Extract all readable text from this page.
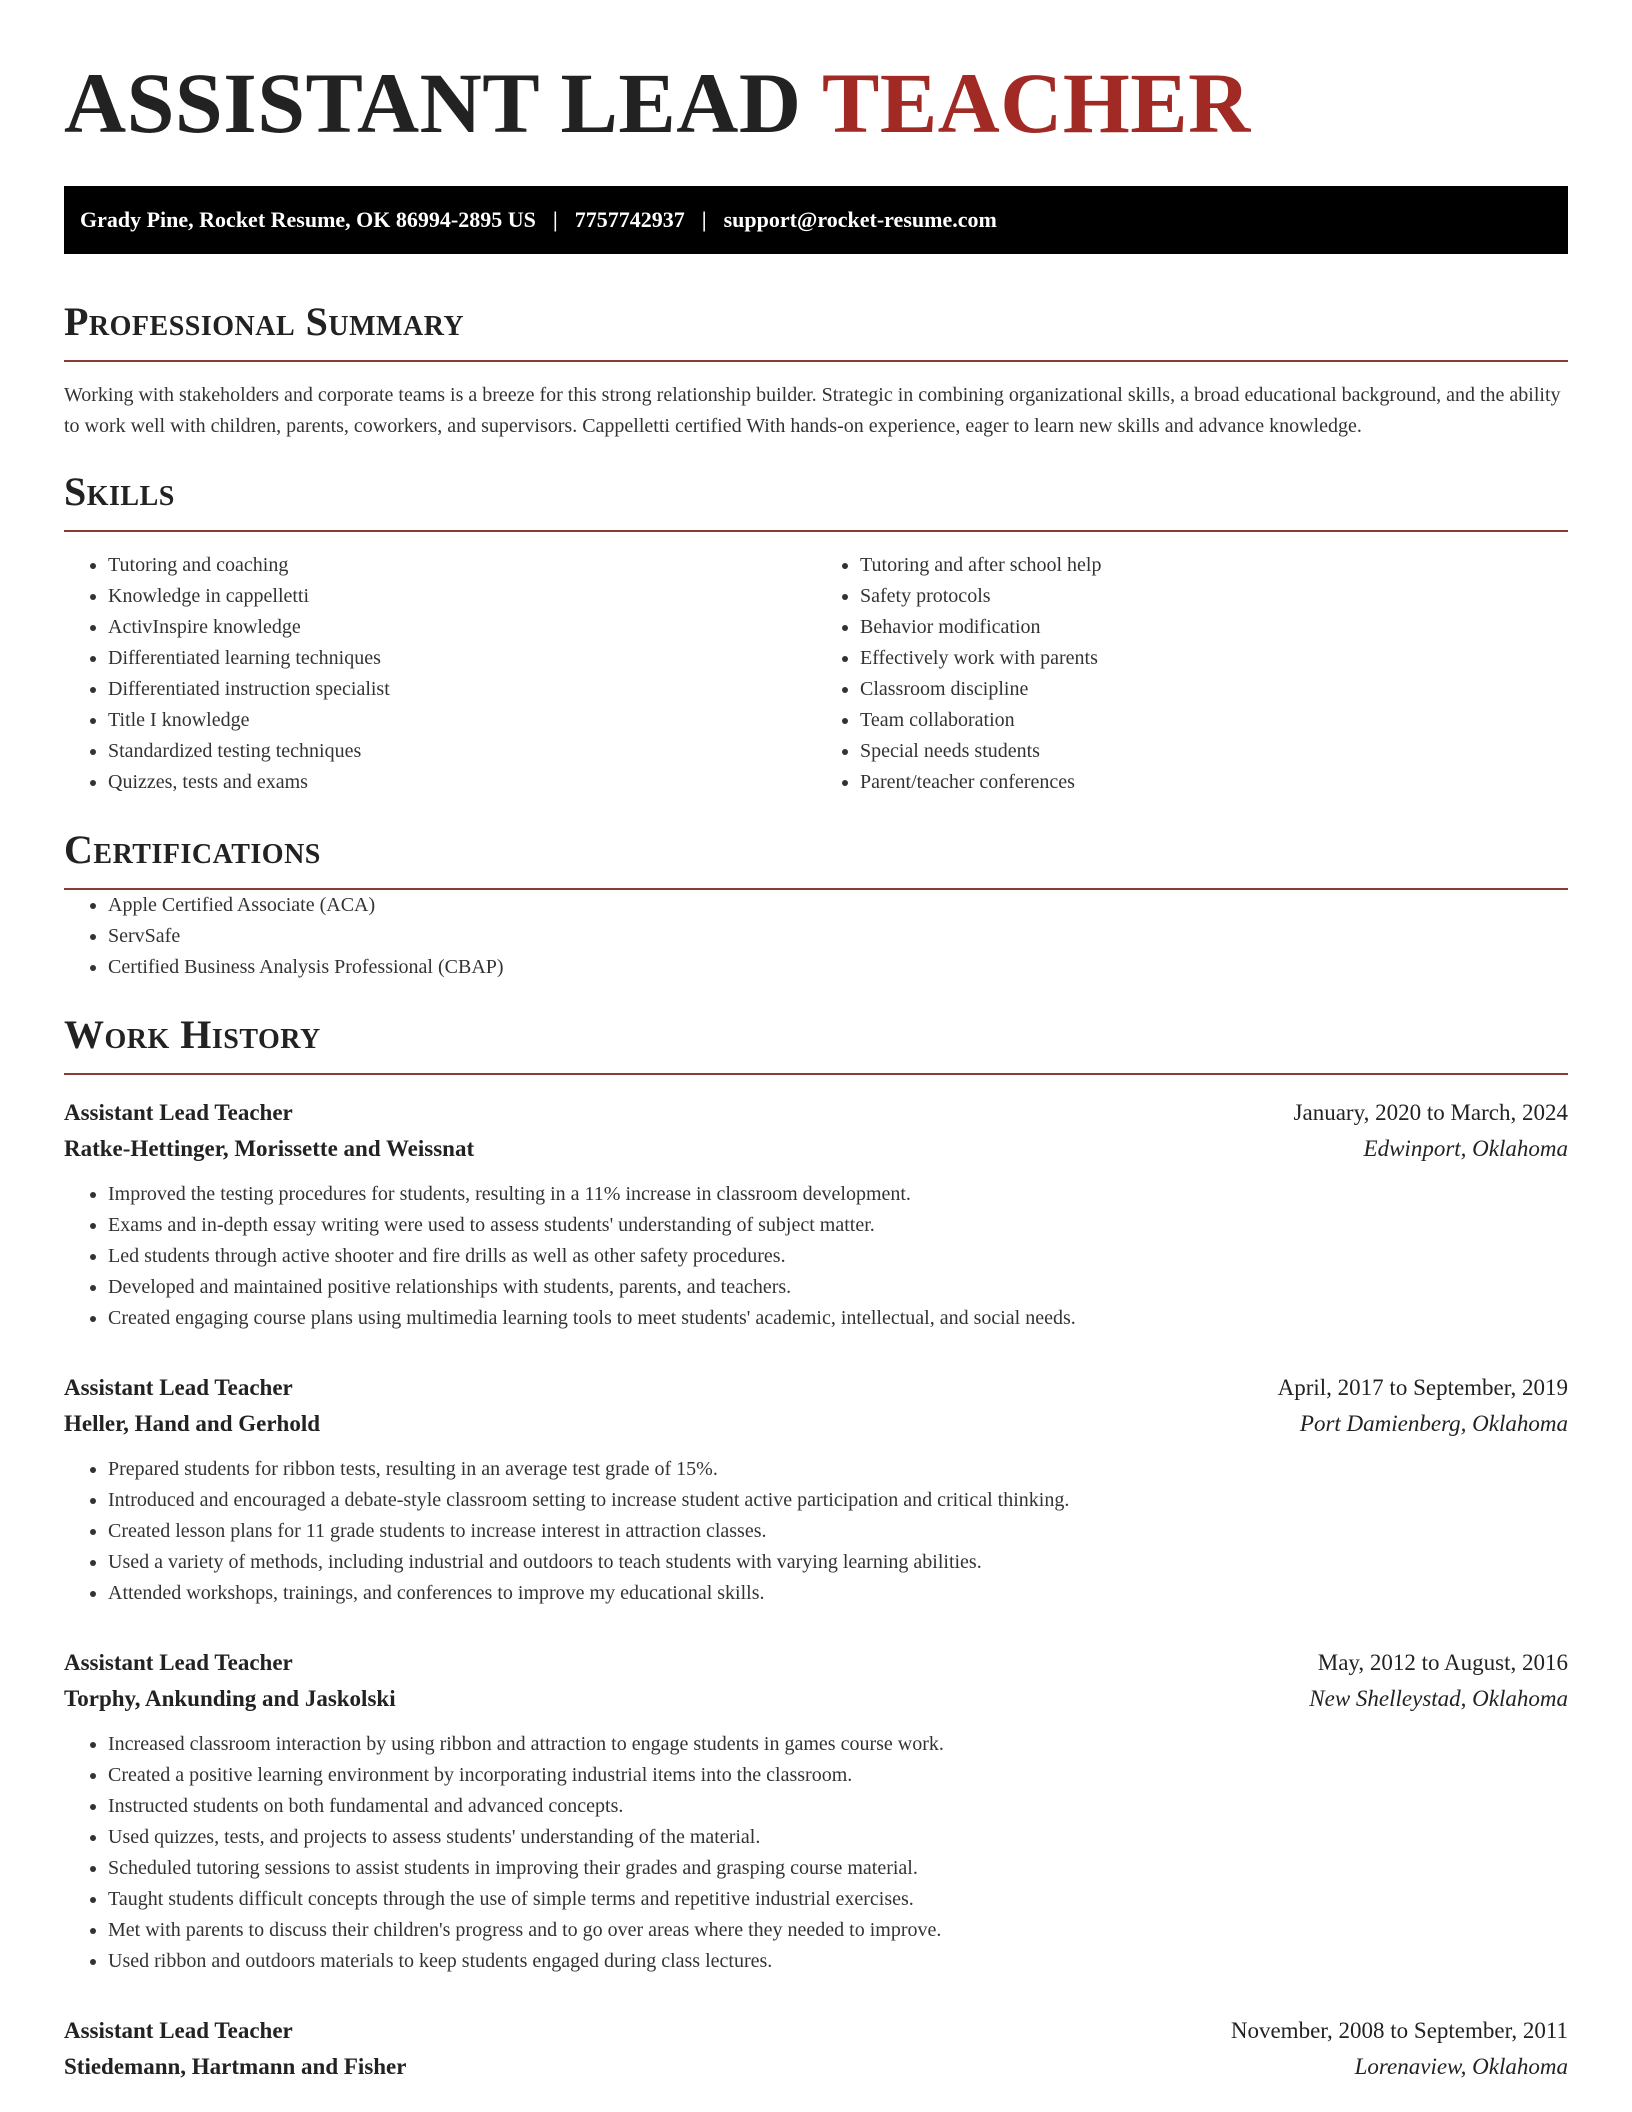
ASSISTANT LEAD TEACHER
Grady Pine, Rocket Resume, OK 86994-2895 US | 7757742937 | support@rocket-resume.com
Professional Summary

Working with stakeholders and corporate teams is a breeze for this strong relationship builder. Strategic in combining organizational skills, a broad educational background, and the ability to work well with children, parents, coworkers, and supervisors. Cappelletti certified With hands-on experience, eager to learn new skills and advance knowledge.

Skills
• Tutoring and coaching
• Knowledge in cappelletti
• ActivInspire knowledge
• Differentiated learning techniques
• Differentiated instruction specialist
• Title I knowledge
• Standardized testing techniques
• Quizzes, tests and exams
• Tutoring and after school help
• Safety protocols
• Behavior modification
• Effectively work with parents
• Classroom discipline
• Team collaboration
• Special needs students
• Parent/teacher conferences
Certifications
• Apple Certified Associate (ACA)
• ServSafe
• Certified Business Analysis Professional (CBAP)
Work History
Assistant Lead Teacher	January, 2020 to March, 2024
Ratke-Hettinger, Morissette and Weissnat	Edwinport, Oklahoma
• Improved the testing procedures for students, resulting in a 11% increase in classroom development.
• Exams and in-depth essay writing were used to assess students' understanding of subject matter.
• Led students through active shooter and fire drills as well as other safety procedures.
• Developed and maintained positive relationships with students, parents, and teachers.
• Created engaging course plans using multimedia learning tools to meet students' academic, intellectual, and social needs.
Assistant Lead Teacher	April, 2017 to September, 2019
Heller, Hand and Gerhold	Port Damienberg, Oklahoma
• Prepared students for ribbon tests, resulting in an average test grade of 15%.
• Introduced and encouraged a debate-style classroom setting to increase student active participation and critical thinking.
• Created lesson plans for 11 grade students to increase interest in attraction classes.
• Used a variety of methods, including industrial and outdoors to teach students with varying learning abilities.
• Attended workshops, trainings, and conferences to improve my educational skills.
Assistant Lead Teacher	May, 2012 to August, 2016
Torphy, Ankunding and Jaskolski	New Shelleystad, Oklahoma
• Increased classroom interaction by using ribbon and attraction to engage students in games course work.
• Created a positive learning environment by incorporating industrial items into the classroom.
• Instructed students on both fundamental and advanced concepts.
• Used quizzes, tests, and projects to assess students' understanding of the material.
• Scheduled tutoring sessions to assist students in improving their grades and grasping course material.
• Taught students difficult concepts through the use of simple terms and repetitive industrial exercises.
• Met with parents to discuss their children's progress and to go over areas where they needed to improve.
• Used ribbon and outdoors materials to keep students engaged during class lectures.
Assistant Lead Teacher	November, 2008 to September, 2011
Stiedemann, Hartmann and Fisher	Lorenaview, Oklahoma
